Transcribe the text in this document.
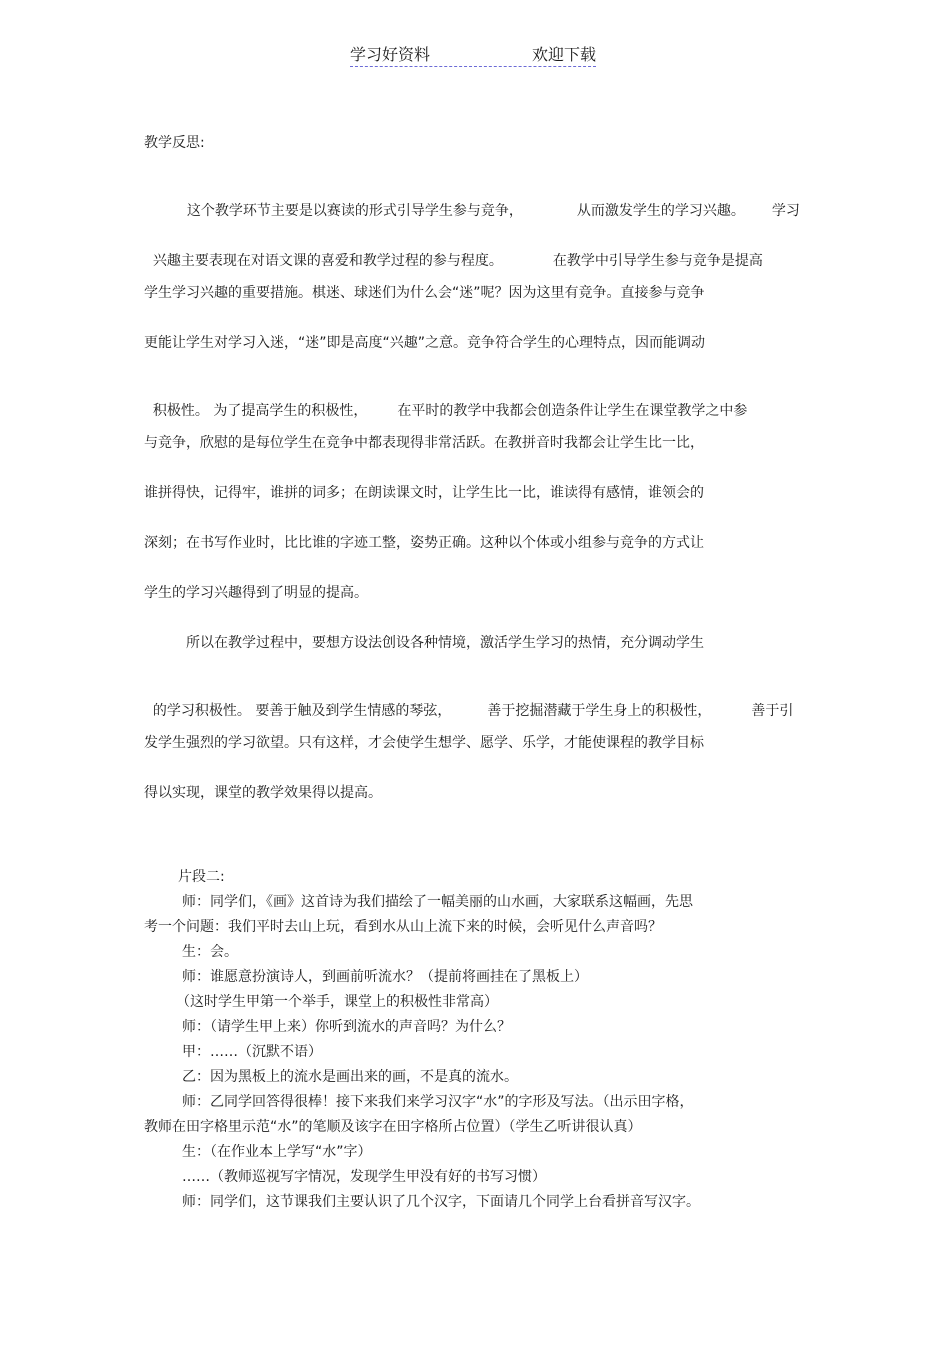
学习好资料	欢迎下载
教学反思:

这个教学环节主要是以赛读的形式引导学生参与竞争，	从而激发学生的学习兴趣。 学习

兴趣主要表现在对语文课的喜爱和教学过程的参与程度。	在教学中引导学生参与竞争是提高

学生学习兴趣的重要措施。棋迷、球迷们为什么会“迷”呢？因为这里有竞争。直接参与竞争
更能让学生对学习入迷，“迷”即是高度“兴趣”之意。竞争符合学生的心理特点，因而能调动

积极性。 为了提高学生的积极性， 在平时的教学中我都会创造条件让学生在课堂教学之中参

与竞争，欣慰的是每位学生在竞争中都表现得非常活跃。在教拼音时我都会让学生比一比，
谁拼得快，记得牢，谁拼的词多；在朗读课文时，让学生比一比，谁读得有感情，谁领会的
深刻；在书写作业时，比比谁的字迹工整，姿势正确。这种以个体或小组参与竞争的方式让
学生的学习兴趣得到了明显的提高。
所以在教学过程中，要想方设法创设各种情境，激活学生学习的热情，充分调动学生

的学习积极性。 要善于触及到学生情感的琴弦，	善于挖掘潜藏于学生身上的积极性，	善于引

发学生强烈的学习欲望。只有这样，才会使学生想学、愿学、乐学，才能使课程的教学目标
得以实现，课堂的教学效果得以提高。
片段二:
师：同学们，《画》这首诗为我们描绘了一幅美丽的山水画，大家联系这幅画，先思
考一个问题：我们平时去山上玩，看到水从山上流下来的时候，会听见什么声音吗？
生：会。
师：谁愿意扮演诗人，到画前听流水？（提前将画挂在了黑板上）
（这时学生甲第一个举手，课堂上的积极性非常高）
师：（请学生甲上来）你听到流水的声音吗？为什么？
甲：……（沉默不语）
乙：因为黑板上的流水是画出来的画，不是真的流水。
师：乙同学回答得很棒！接下来我们来学习汉字“水”的字形及写法。（出示田字格，
教师在田字格里示范“水”的笔顺及该字在田字格所占位置）（学生乙听讲很认真）
生：（在作业本上学写“水”字）
……（教师巡视写字情况，发现学生甲没有好的书写习惯）
师：同学们，这节课我们主要认识了几个汉字，下面请几个同学上台看拼音写汉字。
